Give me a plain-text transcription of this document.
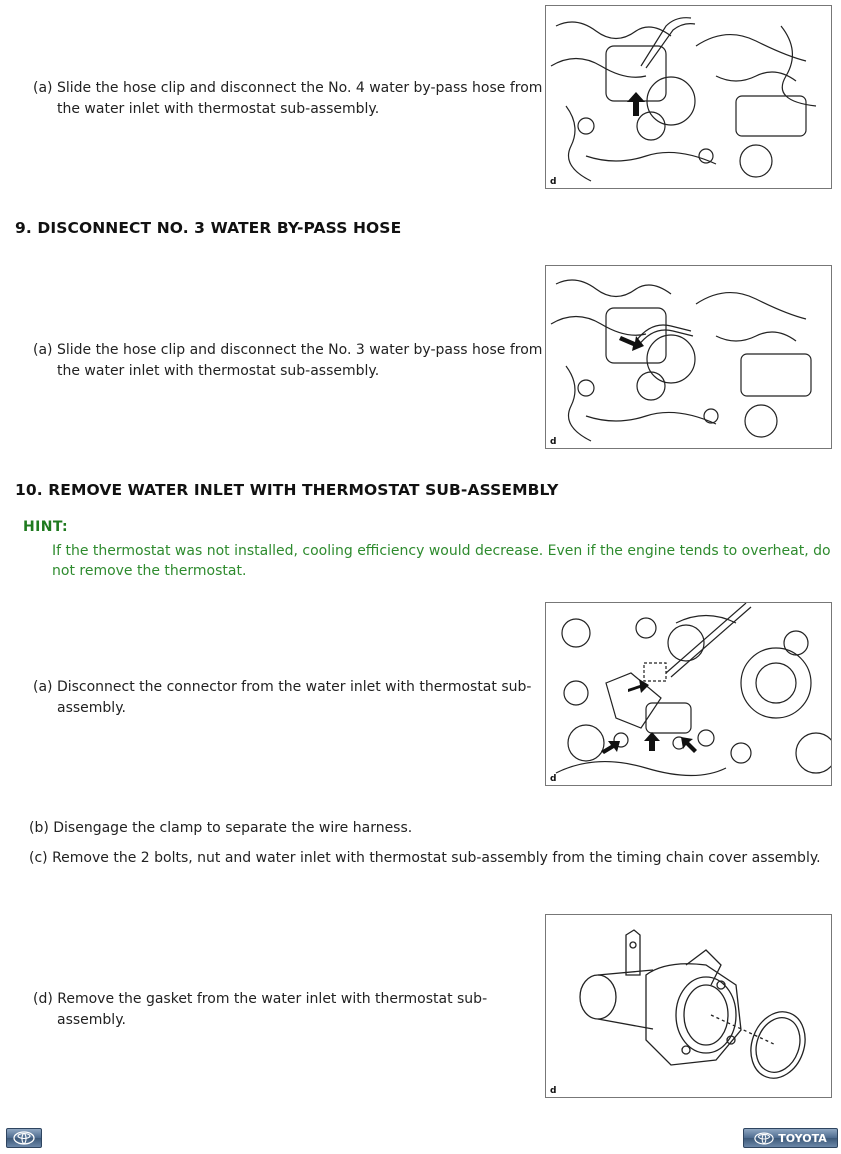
(a) Slide the hose clip and disconnect the No. 4 water by-pass hose from the water inlet with thermostat sub-assembly.
d
9. DISCONNECT NO. 3 WATER BY-PASS HOSE
(a) Slide the hose clip and disconnect the No. 3 water by-pass hose from the water inlet with thermostat sub-assembly.
d
10. REMOVE WATER INLET WITH THERMOSTAT SUB-ASSEMBLY
HINT:
If the thermostat was not installed, cooling efficiency would decrease. Even if the engine tends to overheat, do not remove the thermostat.
(a) Disconnect the connector from the water inlet with thermostat sub-assembly.
d
(b) Disengage the clamp to separate the wire harness.
(c) Remove the 2 bolts, nut and water inlet with thermostat sub-assembly from the timing chain cover assembly.
(d) Remove the gasket from the water inlet with thermostat sub-assembly.
d
TOYOTA
